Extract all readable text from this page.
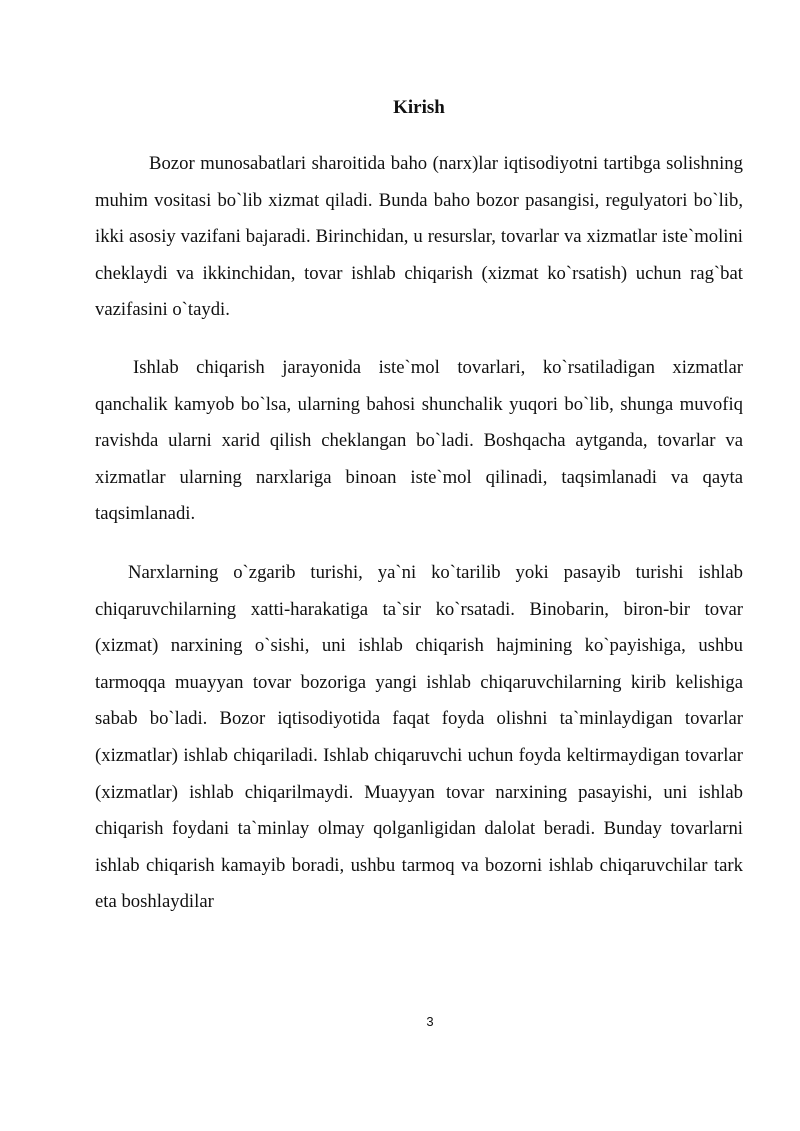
Kirish

Bozor munosabatlari sharoitida baho (narx)lar iqtisodiyotni tartibga solishning muhim vositasi bo`lib xizmat qiladi. Bunda baho bozor pasangisi, regulyatori bo`lib, ikki asosiy vazifani bajaradi. Birinchidan, u resurslar, tovarlar va xizmatlar iste`molini cheklaydi va ikkinchidan, tovar ishlab chiqarish (xizmat ko`rsatish) uchun rag`bat vazifasini o`taydi.

Ishlab chiqarish jarayonida iste`mol tovarlari, ko`rsatiladigan xizmatlar qanchalik kamyob bo`lsa, ularning bahosi shunchalik yuqori bo`lib, shunga muvofiq ravishda ularni xarid qilish cheklangan bo`ladi. Boshqacha aytganda, tovarlar va xizmatlar ularning narxlariga binoan iste`mol qilinadi, taqsimlanadi va qayta taqsimlanadi.

Narxlarning o`zgarib turishi, ya`ni ko`tarilib yoki pasayib turishi ishlab chiqaruvchilarning xatti-harakatiga ta`sir ko`rsatadi. Binobarin, biron-bir tovar (xizmat) narxining o`sishi, uni ishlab chiqarish hajmining ko`payishiga, ushbu tarmoqqa muayyan tovar bozoriga yangi ishlab chiqaruvchilarning kirib kelishiga sabab bo`ladi. Bozor iqtisodiyotida faqat foyda olishni ta`minlaydigan tovarlar (xizmatlar) ishlab chiqariladi. Ishlab chiqaruvchi uchun foyda keltirmaydigan tovarlar (xizmatlar) ishlab chiqarilmaydi. Muayyan tovar narxining pasayishi, uni ishlab chiqarish foydani ta`minlay olmay qolganligidan dalolat beradi. Bunday tovarlarni ishlab chiqarish kamayib boradi, ushbu tarmoq va bozorni ishlab chiqaruvchilar tark eta boshlaydilar

3
